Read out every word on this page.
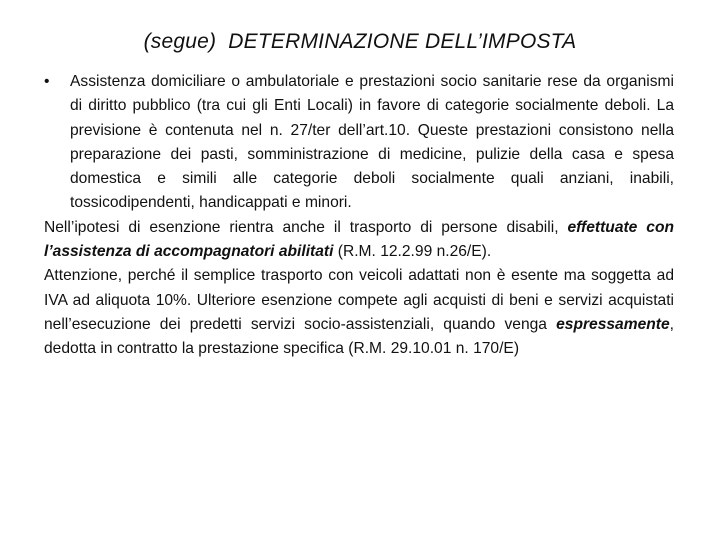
(segue) DETERMINAZIONE DELL’IMPOSTA
• Assistenza domiciliare o ambulatoriale e prestazioni socio sanitarie rese da organismi di diritto pubblico (tra cui gli Enti Locali) in favore di categorie socialmente deboli. La previsione è contenuta nel n. 27/ter dell’art.10. Queste prestazioni consistono nella preparazione dei pasti, somministrazione di medicine, pulizie della casa e spesa domestica e simili alle categorie deboli socialmente quali anziani, inabili, tossicodipendenti, handicappati e minori.

Nell’ipotesi di esenzione rientra anche il trasporto di persone disabili, effettuate con l’assistenza di accompagnatori abilitati (R.M. 12.2.99 n.26/E).

Attenzione, perché il semplice trasporto con veicoli adattati non è esente ma soggetta ad IVA ad aliquota 10%. Ulteriore esenzione compete agli acquisti di beni e servizi acquistati nell’esecuzione dei predetti servizi socio-assistenziali, quando venga espressamente, dedotta in contratto la prestazione specifica (R.M. 29.10.01 n. 170/E)
